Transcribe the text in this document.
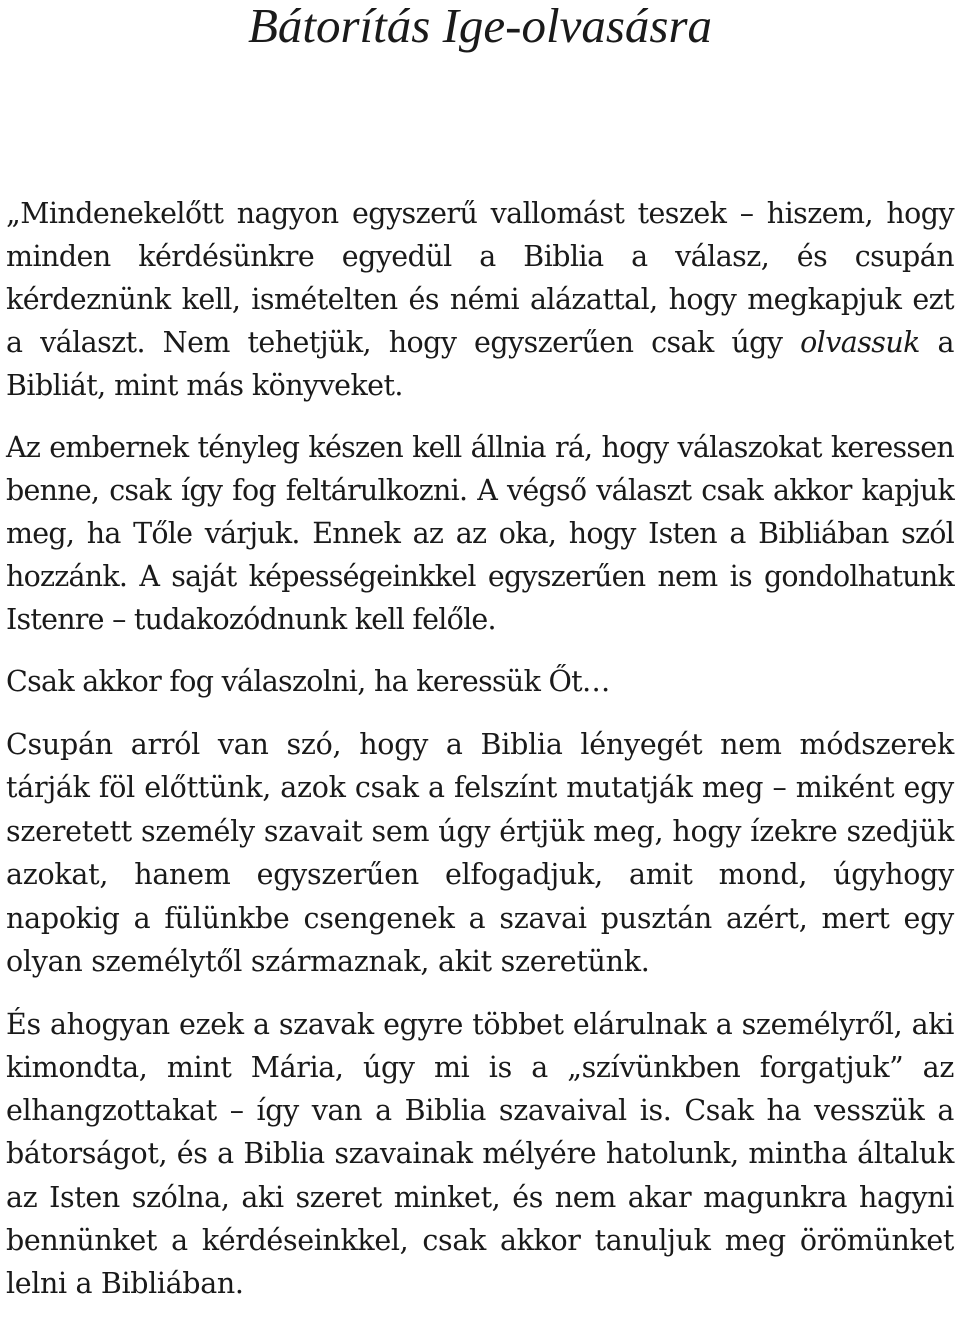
Bátorítás Ige-olvasásra

„Mindenekelőtt nagyon egyszerű vallomást teszek – hiszem, hogy minden kérdésünkre egyedül a Biblia a válasz, és csupán kérdeznünk kell, ismételten és némi alázattal, hogy megkapjuk ezt a választ. Nem tehetjük, hogy egyszerűen csak úgy olvassuk a Bibliát, mint más könyveket.

Az embernek tényleg készen kell állnia rá, hogy válaszokat keressen benne, csak így fog feltárulkozni. A végső választ csak akkor kapjuk meg, ha Tőle várjuk. Ennek az az oka, hogy Isten a Bibliában szól hozzánk. A saját képességeinkkel egyszerűen nem is gondolhatunk Istenre – tudakozódnunk kell felőle.

Csak akkor fog válaszolni, ha keressük Őt…

Csupán arról van szó, hogy a Biblia lényegét nem módszerek tárják föl előttünk, azok csak a felszínt mutatják meg – miként egy szeretett személy szavait sem úgy értjük meg, hogy ízekre szedjük azokat, hanem egyszerűen elfogadjuk, amit mond, úgyhogy napokig a fülünkbe csengenek a szavai pusztán azért, mert egy olyan személytől származnak, akit szeretünk.

És ahogyan ezek a szavak egyre többet elárulnak a személyről, aki kimondta, mint Mária, úgy mi is a „szívünkben forgatjuk” az elhangzottakat – így van a Biblia szavaival is. Csak ha vesszük a bátorságot, és a Biblia szavainak mélyére hatolunk, mintha általuk az Isten szólna, aki szeret minket, és nem akar magunkra hagyni bennünket a kérdéseinkkel, csak akkor tanuljuk meg örömünket lelni a Bibliában.
